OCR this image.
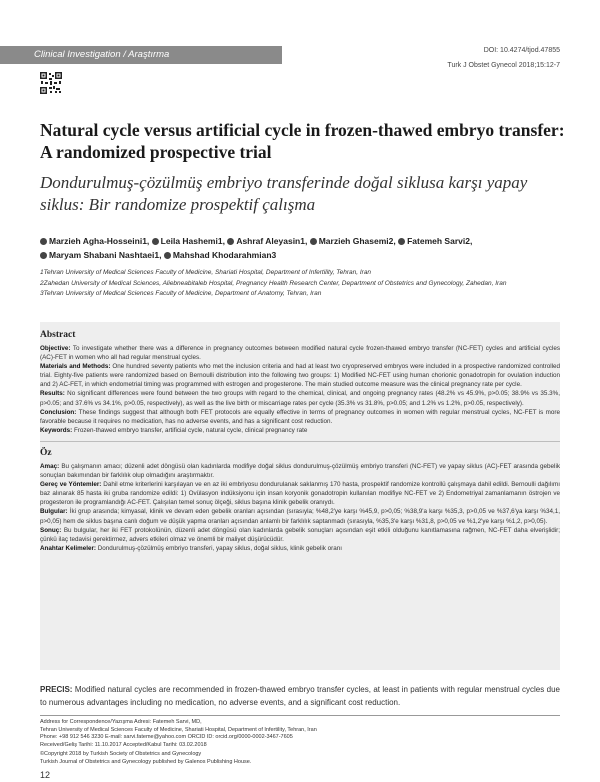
Clinical Investigation / Araştırma	DOI: 10.4274/tjod.47855
Turk J Obstet Gynecol 2018;15:12-7
Natural cycle versus artificial cycle in frozen-thawed embryo transfer: A randomized prospective trial
Dondurulmuş-çözülmüş embriyo transferinde doğal siklusa karşı yapay siklus: Bir randomize prospektif çalışma
Marzieh Agha-Hosseini1, Leila Hashemi1, Ashraf Aleyasin1, Marzieh Ghasemi2, Fatemeh Sarvi2,
Maryam Shabani Nashtaei1, Mahshad Khodarahmian3
1Tehran University of Medical Sciences Faculty of Medicine, Shariati Hospital, Department of Infertility, Tehran, Iran
2Zahedan University of Medical Sciences, Aliebneabitaleb Hospital, Pregnancy Health Research Center, Department of Obstetrics and Gynecology, Zahedan, Iran
3Tehran University of Medical Sciences Faculty of Medicine, Department of Anatomy, Tehran, Iran
Abstract
Objective: To investigate whether there was a difference in pregnancy outcomes between modified natural cycle frozen-thawed embryo transfer (NC-FET) cycles and artificial cycles (AC)-FET in women who all had regular menstrual cycles.
Materials and Methods: One hundred seventy patients who met the inclusion criteria and had at least two cryopreserved embryos were included in a prospective randomized controlled trial. Eighty-five patients were randomized based on Bernoulli distribution into the following two groups: 1) Modified NC-FET using human chorionic gonadotropin for ovulation induction and 2) AC-FET, in which endometrial timing was programmed with estrogen and progesterone. The main studied outcome measure was the clinical pregnancy rate per cycle.
Results: No significant differences were found between the two groups with regard to the chemical, clinical, and ongoing pregnancy rates (48.2% vs 45.9%, p>0.05; 38.9% vs 35.3%, p>0.05; and 37.6% vs 34.1%, p>0.05, respectively), as well as the live birth or miscarriage rates per cycle (35.3% vs 31.8%, p>0.05; and 1.2% vs 1.2%, p>0.05, respectively).
Conclusion: These findings suggest that although both FET protocols are equally effective in terms of pregnancy outcomes in women with regular menstrual cycles, NC-FET is more favorable because it requires no medication, has no adverse events, and has a significant cost reduction.
Keywords: Frozen-thawed embryo transfer, artificial cycle, natural cycle, clinical pregnancy rate
Öz
Amaç: Bu çalışmanın amacı; düzenli adet döngüsü olan kadınlarda modifiye doğal siklus dondurulmuş-çözülmüş embriyo transferi (NC-FET) ve yapay siklus (AC)-FET arasında gebelik sonuçları bakımından bir farklılık olup olmadığını araştırmaktır.
Gereç ve Yöntemler: Dahil etme kriterlerini karşılayan ve en az iki embriyosu dondurulanak saklanmış 170 hasta, prospektif randomize kontrollü çalışmaya dahil edildi. Bernoulli dağılımı baz alınarak 85 hasta iki gruba randomize edildi: 1) Ovülasyon indüksiyonu için insan koryonik gonadotropin kullanılan modifiye NC-FET ve 2) Endometriyal zamanlamanın östrojen ve progesteron ile programlandığı AC-FET. Çalışılan temel sonuç ölçeği, siklus başına klinik gebelik oranıydı.
Bulgular: İki grup arasında; kimyasal, klinik ve devam eden gebelik oranları açısından (sırasıyla; %48,2'ye karşı %45,9, p>0,05; %38,9'a karşı %35,3, p>0,05 ve %37,6'ya karşı %34,1, p>0,05) hem de siklus başına canlı doğum ve düşük yapma oranları açısından anlamlı bir farklılık saptanmadı (sırasıyla, %35,3'e karşı %31,8, p>0,05 ve %1,2'ye karşı %1,2, p>0,05).
Sonuç: Bu bulgular, her iki FET protokolünün, düzenli adet döngüsü olan kadınlarda gebelik sonuçları açısından eşit etkili olduğunu kanıtlamasına rağmen, NC-FET daha elverişlidir; çünkü ilaç tedavisi gerektirmez, advers etkileri olmaz ve önemli bir maliyet düşürücüdür.
Anahtar Kelimeler: Dondurulmuş-çözülmüş embriyo transferi, yapay siklus, doğal siklus, klinik gebelik oranı
PRECIS: Modified natural cycles are recommended in frozen-thawed embryo transfer cycles, at least in patients with regular menstrual cycles due to numerous advantages including no medication, no adverse events, and a significant cost reduction.
Address for Correspondence/Yazışma Adresi: Fatemeh Sarvi, MD,
Tehran University of Medical Sciences Faculty of Medicine, Shariati Hospital, Department of Infertility, Tehran, Iran
Phone: +98 912 546 3230 E-mail: sarvi.fateme@yahoo.com ORCID ID: orcid.org/0000-0002-3467-7605
Received/Geliş Tarihi: 11.10.2017 Accepted/Kabul Tarihi: 03.02.2018
©Copyright 2018 by Turkish Society of Obstetrics and Gynecology
Turkish Journal of Obstetrics and Gynecology published by Galenos Publishing House.
12
